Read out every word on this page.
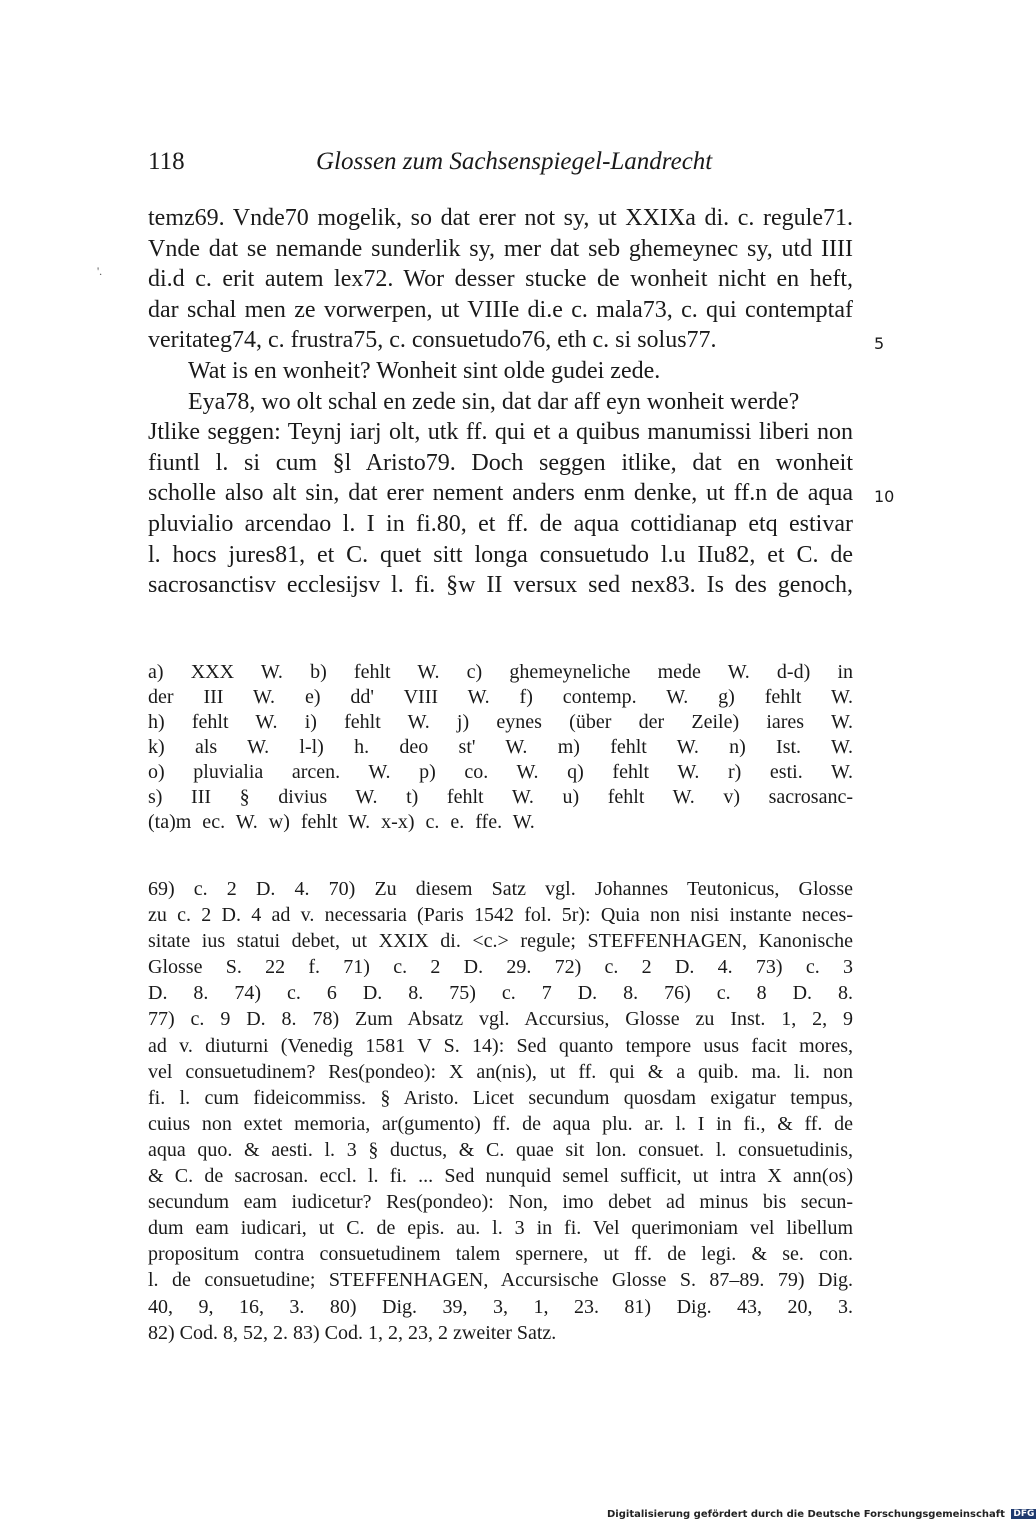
118	Glossen zum Sachsenspiegel-Landrecht
'.
temz69. Vnde70 mogelik, so dat erer not sy, ut XXIXa di. c. regule71.
Vnde dat se nemande sunderlik sy, mer dat seb ghemeynec sy, utd IIII
di.d c. erit autem lex72. Wor desser stucke de wonheit nicht en heft,
dar schal men ze vorwerpen, ut VIIIe di.e c. mala73, c. qui contemptaf
veritateg74, c. frustra75, c. consuetudo76, eth c. si solus77.
Wat is en wonheit? Wonheit sint olde gudei zede.
Eya78, wo olt schal en zede sin, dat dar aff eyn wonheit werde?
Jtlike seggen: Teynj iarj olt, utk ff. qui et a quibus manumissi liberi non
fiuntl l. si cum §l Aristo79. Doch seggen itlike, dat en wonheit
scholle also alt sin, dat erer nement anders enm denke, ut ff.n de aqua
pluvialio arcendao l. I in fi.80, et ff. de aqua cottidianap etq estivar
l. hocs jures81, et C. quet sitt longa consuetudo l.u IIu82, et C. de
sacrosanctisv ecclesijsv l. fi. §w II versux sed nex83. Is des genoch,
5
10
a) XXX W. b) fehlt W. c) ghemeyneliche mede W. d-d) in
der III W. e) dd' VIII W. f) contemp. W. g) fehlt W.
h) fehlt W. i) fehlt W. j) eynes (über der Zeile) iares W.
k) als W. l-l) h. deo st' W. m) fehlt W. n) Ist. W.
o) pluvialia arcen. W. p) co. W. q) fehlt W. r) esti. W.
s) III § divius W. t) fehlt W. u) fehlt W. v) sacrosanc-
(ta)m ec. W. w) fehlt W. x-x) c. e. ffe. W.
69) c. 2 D. 4. 70) Zu diesem Satz vgl. Johannes Teutonicus, Glosse
zu c. 2 D. 4 ad v. necessaria (Paris 1542 fol. 5r): Quia non nisi instante neces-
sitate ius statui debet, ut XXIX di. <c.> regule; STEFFENHAGEN, Kanonische
Glosse S. 22 f. 71) c. 2 D. 29. 72) c. 2 D. 4. 73) c. 3
D. 8. 74) c. 6 D. 8. 75) c. 7 D. 8. 76) c. 8 D. 8.
77) c. 9 D. 8. 78) Zum Absatz vgl. Accursius, Glosse zu Inst. 1, 2, 9
ad v. diuturni (Venedig 1581 V S. 14): Sed quanto tempore usus facit mores,
vel consuetudinem? Res(pondeo): X an(nis), ut ff. qui & a quib. ma. li. non
fi. l. cum fideicommiss. § Aristo. Licet secundum quosdam exigatur tempus,
cuius non extet memoria, ar(gumento) ff. de aqua plu. ar. l. I in fi., & ff. de
aqua quo. & aesti. l. 3 § ductus, & C. quae sit lon. consuet. l. consuetudinis,
& C. de sacrosan. eccl. l. fi. ... Sed nunquid semel sufficit, ut intra X ann(os)
secundum eam iudicetur? Res(pondeo): Non, imo debet ad minus bis secun-
dum eam iudicari, ut C. de epis. au. l. 3 in fi. Vel querimoniam vel libellum
propositum contra consuetudinem talem spernere, ut ff. de legi. & se. con.
l. de consuetudine; STEFFENHAGEN, Accursische Glosse S. 87–89. 79) Dig.
40, 9, 16, 3. 80) Dig. 39, 3, 1, 23. 81) Dig. 43, 20, 3.
82) Cod. 8, 52, 2. 83) Cod. 1, 2, 23, 2 zweiter Satz.
Digitalisierung gefördert durch die Deutsche Forschungsgemeinschaft DFG
